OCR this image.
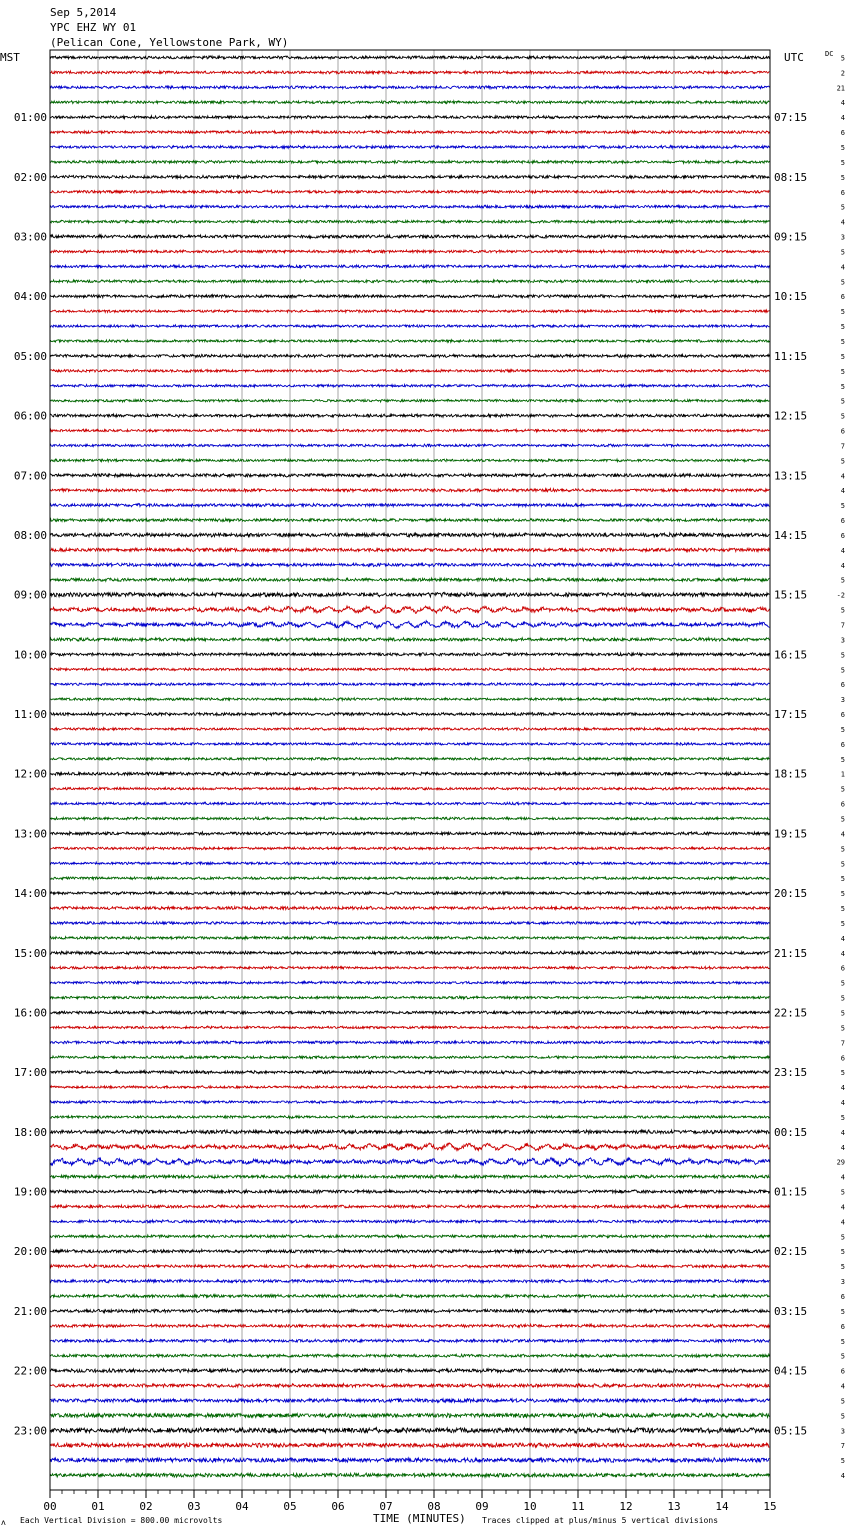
Sep 5,2014
YPC EHZ WY 01
(Pelican Cone, Yellowstone Park, WY)
MST	UTC	DC
01:00
02:00
03:00
04:00
05:00
06:00
07:00
08:00
09:00
10:00
11:00
12:00
13:00
14:00
15:00
16:00
17:00
18:00
19:00
20:00
21:00
22:00
23:00
07:15
08:15
09:15
10:15
11:15
12:15
13:15
14:15
15:15
16:15
17:15
18:15
19:15
20:15
21:15
22:15
23:15
00:15
01:15
02:15
03:15
04:15
05:15
5
2
21
4
4
6
5
5
5
6
5
4
3
5
4
5
6
5
5
5
5
5
5
5
5
6
7
5
4
4
5
6
6
4
4
5
-2
5
7
3
5
5
6
3
6
5
6
5
1
5
6
5
4
5
5
5
5
5
5
4
4
6
5
5
5
5
7
6
5
4
4
5
4
4
29
4
5
4
4
5
5
5
3
6
5
6
5
5
6
4
5
5
3
7
5
4
00	01	02	03	04	05	06	07	08	09	10	11	12	13	14	15
TIME (MINUTES)
Each Vertical Division = 800.00 microvolts	Traces clipped at plus/minus 5 vertical divisions
ʌ
